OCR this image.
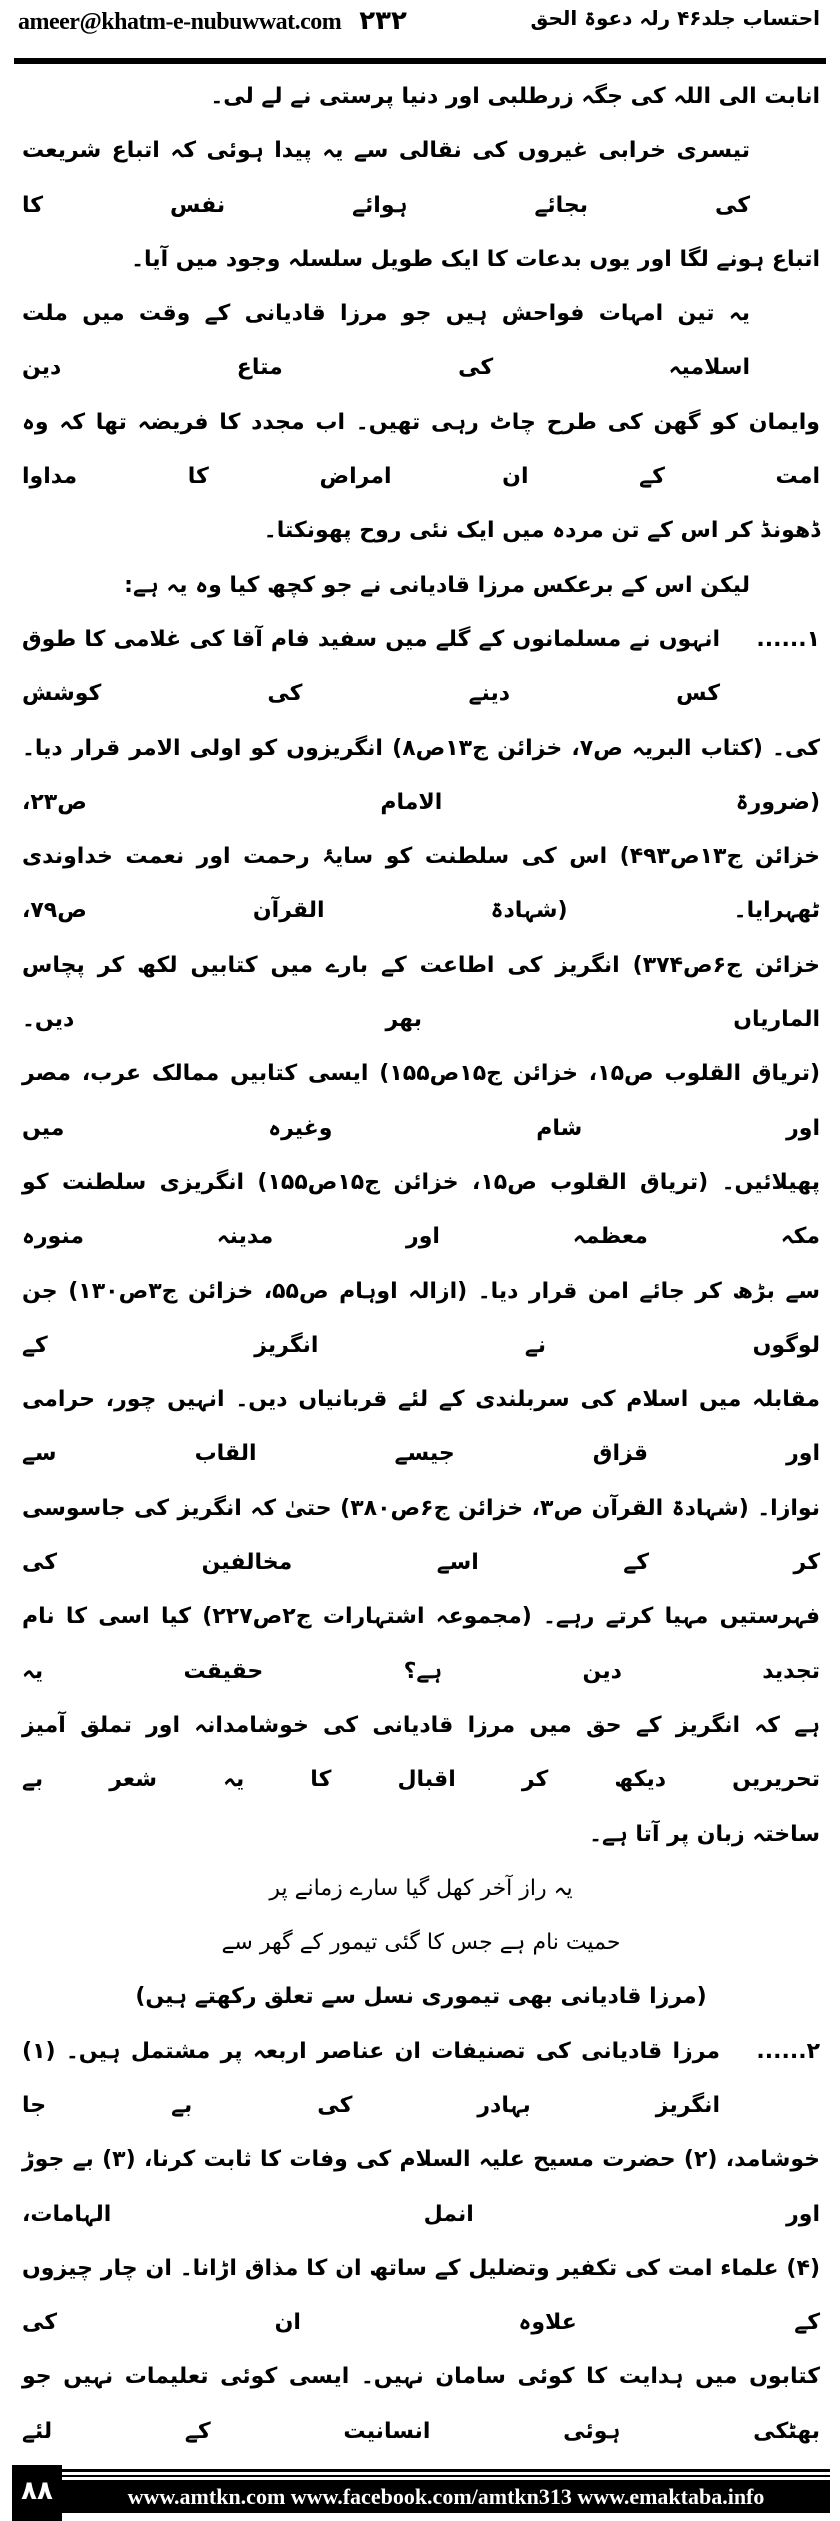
ameer@khatm-e-nubuwwat.com ۲۳۲	احتساب جلد۴۶ رلہ دعوۃ الحق
انابت الی اللہ کی جگہ زرطلبی اور دنیا پرستی نے لے لی۔
تیسری خرابی غیروں کی نقالی سے یہ پیدا ہوئی کہ اتباع شریعت کی بجائے ہوائے نفس کا
اتباع ہونے لگا اور یوں بدعات کا ایک طویل سلسلہ وجود میں آیا۔
یہ تین امہات فواحش ہیں جو مرزا قادیانی کے وقت میں ملت اسلامیہ کی متاع دین
وایمان کو گھن کی طرح چاٹ رہی تھیں۔ اب مجدد کا فریضہ تھا کہ وہ امت کے ان امراض کا مداوا
ڈھونڈ کر اس کے تن مردہ میں ایک نئی روح پھونکتا۔
لیکن اس کے برعکس مرزا قادیانی نے جو کچھ کیا وہ یہ ہے:
۱......
انہوں نے مسلمانوں کے گلے میں سفید فام آقا کی غلامی کا طوق کس دینے کی کوشش
کی۔ (کتاب البریہ ص۷، خزائن ج۱۳ص۸) انگریزوں کو اولی الامر قرار دیا۔ (ضرورۃ الامام ص۲۳،
خزائن ج۱۳ص۴۹۳) اس کی سلطنت کو سایۂ رحمت اور نعمت خداوندی ٹھہرایا۔ (شہادۃ القرآن ص۷۹،
خزائن ج۶ص۳۷۴) انگریز کی اطاعت کے بارے میں کتابیں لکھ کر پچاس الماریاں بھر دیں۔
(تریاق القلوب ص۱۵، خزائن ج۱۵ص۱۵۵) ایسی کتابیں ممالک عرب، مصر اور شام وغیرہ میں
پھیلائیں۔ (تریاق القلوب ص۱۵، خزائن ج۱۵ص۱۵۵) انگریزی سلطنت کو مکہ معظمہ اور مدینہ منورہ
سے بڑھ کر جائے امن قرار دیا۔ (ازالہ اوہام ص۵۵، خزائن ج۳ص۱۳۰) جن لوگوں نے انگریز کے
مقابلہ میں اسلام کی سربلندی کے لئے قربانیاں دیں۔ انہیں چور، حرامی اور قزاق جیسے القاب سے
نوازا۔ (شہادۃ القرآن ص۳، خزائن ج۶ص۳۸۰) حتیٰ کہ انگریز کی جاسوسی کر کے اسے مخالفین کی
فہرستیں مہیا کرتے رہے۔ (مجموعہ اشتہارات ج۲ص۲۲۷) کیا اسی کا نام تجدید دین ہے؟ حقیقت یہ
ہے کہ انگریز کے حق میں مرزا قادیانی کی خوشامدانہ اور تملق آمیز تحریریں دیکھ کر اقبال کا یہ شعر بے
ساختہ زبان پر آتا ہے۔
یہ راز آخر کھل گیا سارے زمانے پر
حمیت نام ہے جس کا گئی تیمور کے گھر سے
(مرزا قادیانی بھی تیموری نسل سے تعلق رکھتے ہیں)
۲......
مرزا قادیانی کی تصنیفات ان عناصر اربعہ پر مشتمل ہیں۔ (۱) انگریز بہادر کی بے جا
خوشامد، (۲) حضرت مسیح علیہ السلام کی وفات کا ثابت کرنا، (۳) بے جوڑ اور انمل الہامات،
(۴) علماء امت کی تکفیر وتضلیل کے ساتھ ان کا مذاق اڑانا۔ ان چار چیزوں کے علاوہ ان کی
کتابوں میں ہدایت کا کوئی سامان نہیں۔ ایسی کوئی تعلیمات نہیں جو بھٹکی ہوئی انسانیت کے لئے
۸۸	www.amtkn.com www.facebook.com/amtkn313 www.emaktaba.info
